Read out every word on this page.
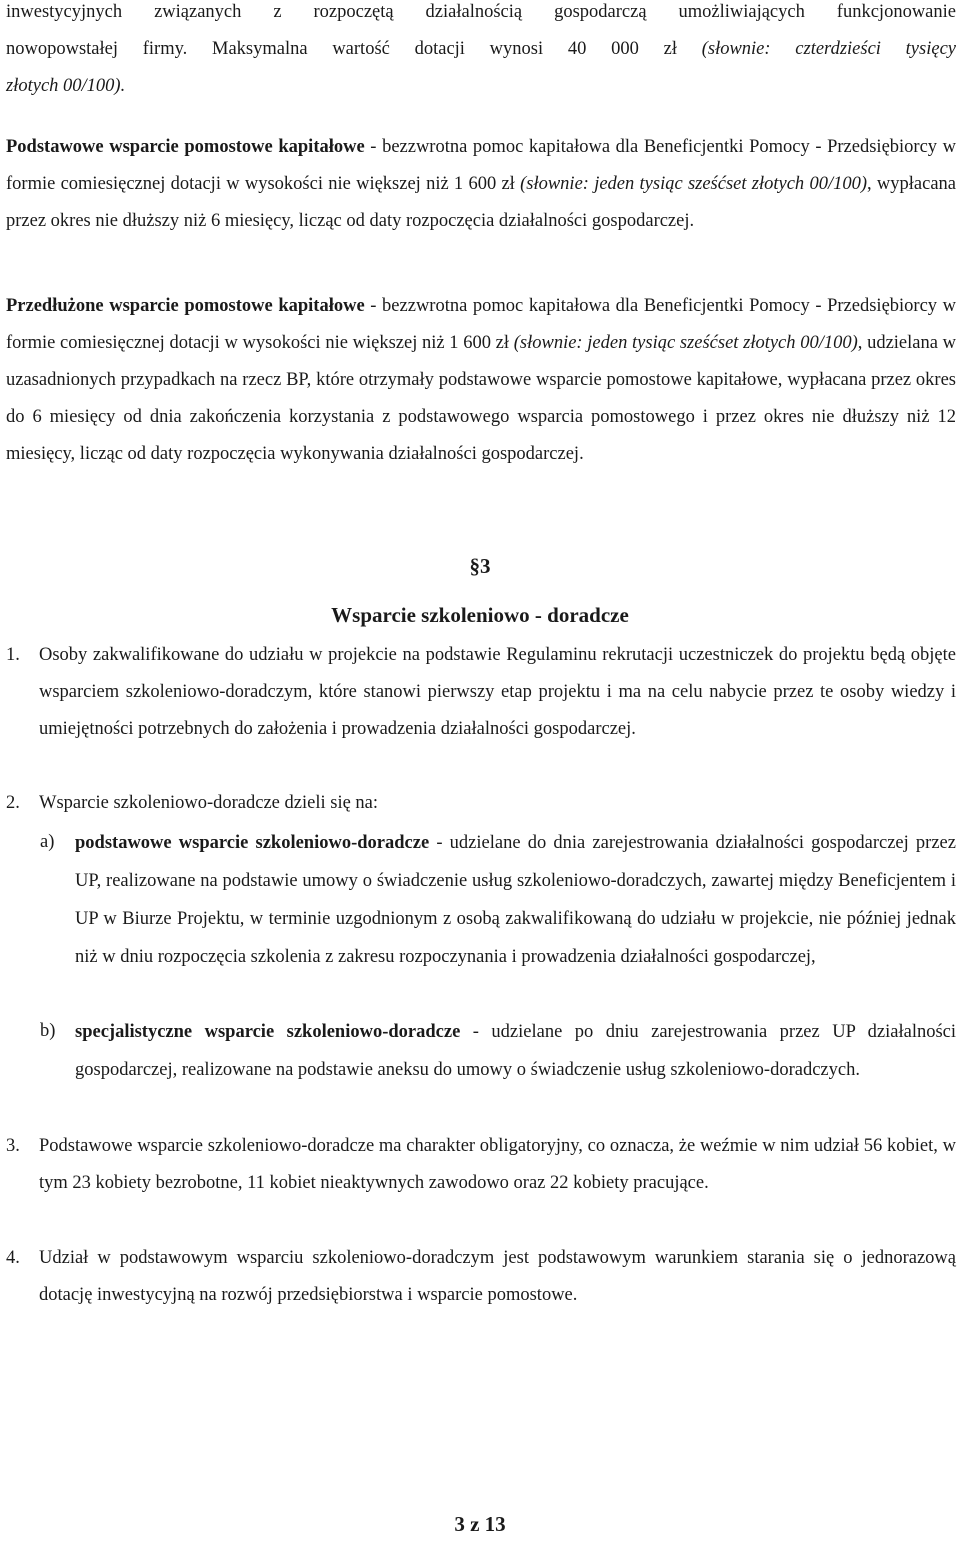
inwestycyjnych związanych z rozpoczętą działalnością gospodarczą umożliwiających funkcjonowanie

nowopowstałej firmy. Maksymalna wartość dotacji wynosi 40 000 zł (słownie: czterdzieści tysięcy

złotych 00/100).

Podstawowe wsparcie pomostowe kapitałowe - bezzwrotna pomoc kapitałowa dla Beneficjentki Pomocy - Przedsiębiorcy w formie comiesięcznej dotacji w wysokości nie większej niż 1 600 zł (słownie: jeden tysiąc sześćset złotych 00/100), wypłacana przez okres nie dłuższy niż 6 miesięcy, licząc od daty rozpoczęcia działalności gospodarczej.

Przedłużone wsparcie pomostowe kapitałowe - bezzwrotna pomoc kapitałowa dla Beneficjentki Pomocy - Przedsiębiorcy w formie comiesięcznej dotacji w wysokości nie większej niż 1 600 zł (słownie: jeden tysiąc sześćset złotych 00/100), udzielana w uzasadnionych przypadkach na rzecz BP, które otrzymały podstawowe wsparcie pomostowe kapitałowe, wypłacana przez okres do 6 miesięcy od dnia zakończenia korzystania z podstawowego wsparcia pomostowego i przez okres nie dłuższy niż 12 miesięcy, licząc od daty rozpoczęcia wykonywania działalności gospodarczej.

§3
Wsparcie szkoleniowo - doradcze
1.	Osoby zakwalifikowane do udziału w projekcie na podstawie Regulaminu rekrutacji uczestniczek do projektu będą objęte wsparciem szkoleniowo-doradczym, które stanowi pierwszy etap projektu i ma na celu nabycie przez te osoby wiedzy i umiejętności potrzebnych do założenia i prowadzenia działalności gospodarczej.
2.	Wsparcie szkoleniowo-doradcze dzieli się na:
a)	podstawowe wsparcie szkoleniowo-doradcze - udzielane do dnia zarejestrowania działalności gospodarczej przez UP, realizowane na podstawie umowy o świadczenie usług szkoleniowo-doradczych, zawartej między Beneficjentem i UP w Biurze Projektu, w terminie uzgodnionym z osobą zakwalifikowaną do udziału w projekcie, nie później jednak niż w dniu rozpoczęcia szkolenia z zakresu rozpoczynania i prowadzenia działalności gospodarczej,
b)	specjalistyczne wsparcie szkoleniowo-doradcze - udzielane po dniu zarejestrowania przez UP działalności gospodarczej, realizowane na podstawie aneksu do umowy o świadczenie usług szkoleniowo-doradczych.
3.	Podstawowe wsparcie szkoleniowo-doradcze ma charakter obligatoryjny, co oznacza, że weźmie w nim udział 56 kobiet, w tym 23 kobiety bezrobotne, 11 kobiet nieaktywnych zawodowo oraz 22 kobiety pracujące.
4.	Udział w podstawowym wsparciu szkoleniowo-doradczym jest podstawowym warunkiem starania się o jednorazową dotację inwestycyjną na rozwój przedsiębiorstwa i wsparcie pomostowe.
3 z 13
